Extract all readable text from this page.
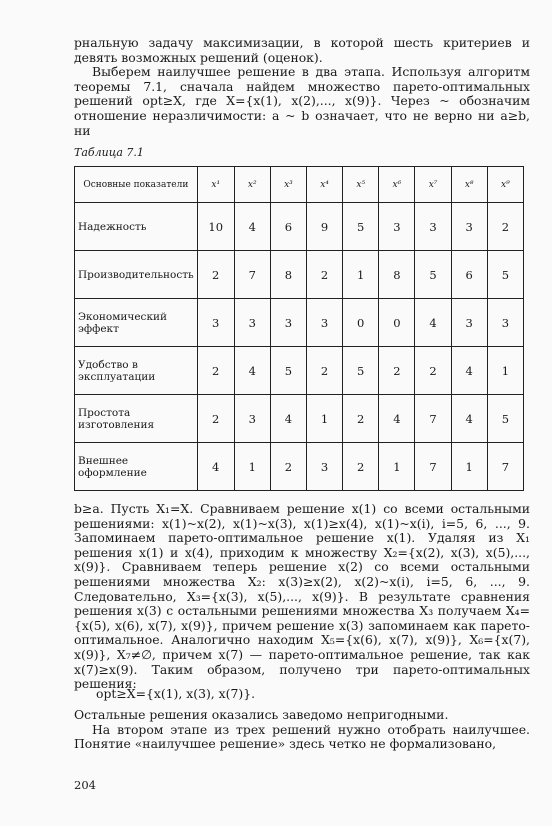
рнальную задачу максимизации, в которой шесть критериев и девять возможных решений (оценок).

Выберем наилучшее решение в два этапа. Используя алгоритм теоремы 7.1, сначала найдем множество парето-оптимальных решений opt≥X, где X={x(1), x(2),..., x(9)}. Через ~ обозначим отношение неразличимости: a ~ b означает, что не верно ни a≥b, ни

Таблица 7.1
Основные показатели	x¹	x²	x³	x⁴	x⁵	x⁶	x⁷	x⁸	x⁹
Надежность	10	4	6	9	5	3	3	3	2
Производительность	2	7	8	2	1	8	5	6	5
Экономический эффект	3	3	3	3	0	0	4	3	3
Удобство в эксплуатации	2	4	5	2	5	2	2	4	1
Простота изготовления	2	3	4	1	2	4	7	4	5
Внешнее оформление	4	1	2	3	2	1	7	1	7
b≥a. Пусть X₁=X. Сравниваем решение x(1) со всеми остальными решениями: x(1)~x(2), x(1)~x(3), x(1)≥x(4), x(1)~x(i), i=5, 6, ..., 9. Запоминаем парето-оптимальное решение x(1). Удаляя из X₁ решения x(1) и x(4), приходим к множеству X₂={x(2), x(3), x(5),..., x(9)}. Сравниваем теперь решение x(2) со всеми остальными решениями множества X₂: x(3)≥x(2), x(2)~x(i), i=5, 6, ..., 9. Следовательно, X₃={x(3), x(5),..., x(9)}. В результате сравнения решения x(3) с остальными решениями множества X₃ получаем X₄={x(5), x(6), x(7), x(9)}, причем решение x(3) запоминаем как парето-оптимальное. Аналогично находим X₅={x(6), x(7), x(9)}, X₆={x(7), x(9)}, X₇≠∅, причем x(7) — парето-оптимальное решение, так как x(7)≥x(9). Таким образом, получено три парето-оптимальных решения:
opt≥X={x(1), x(3), x(7)}.

Остальные решения оказались заведомо непригодными.

На втором этапе из трех решений нужно отобрать наилучшее. Понятие «наилучшее решение» здесь четко не формализовано,

204
